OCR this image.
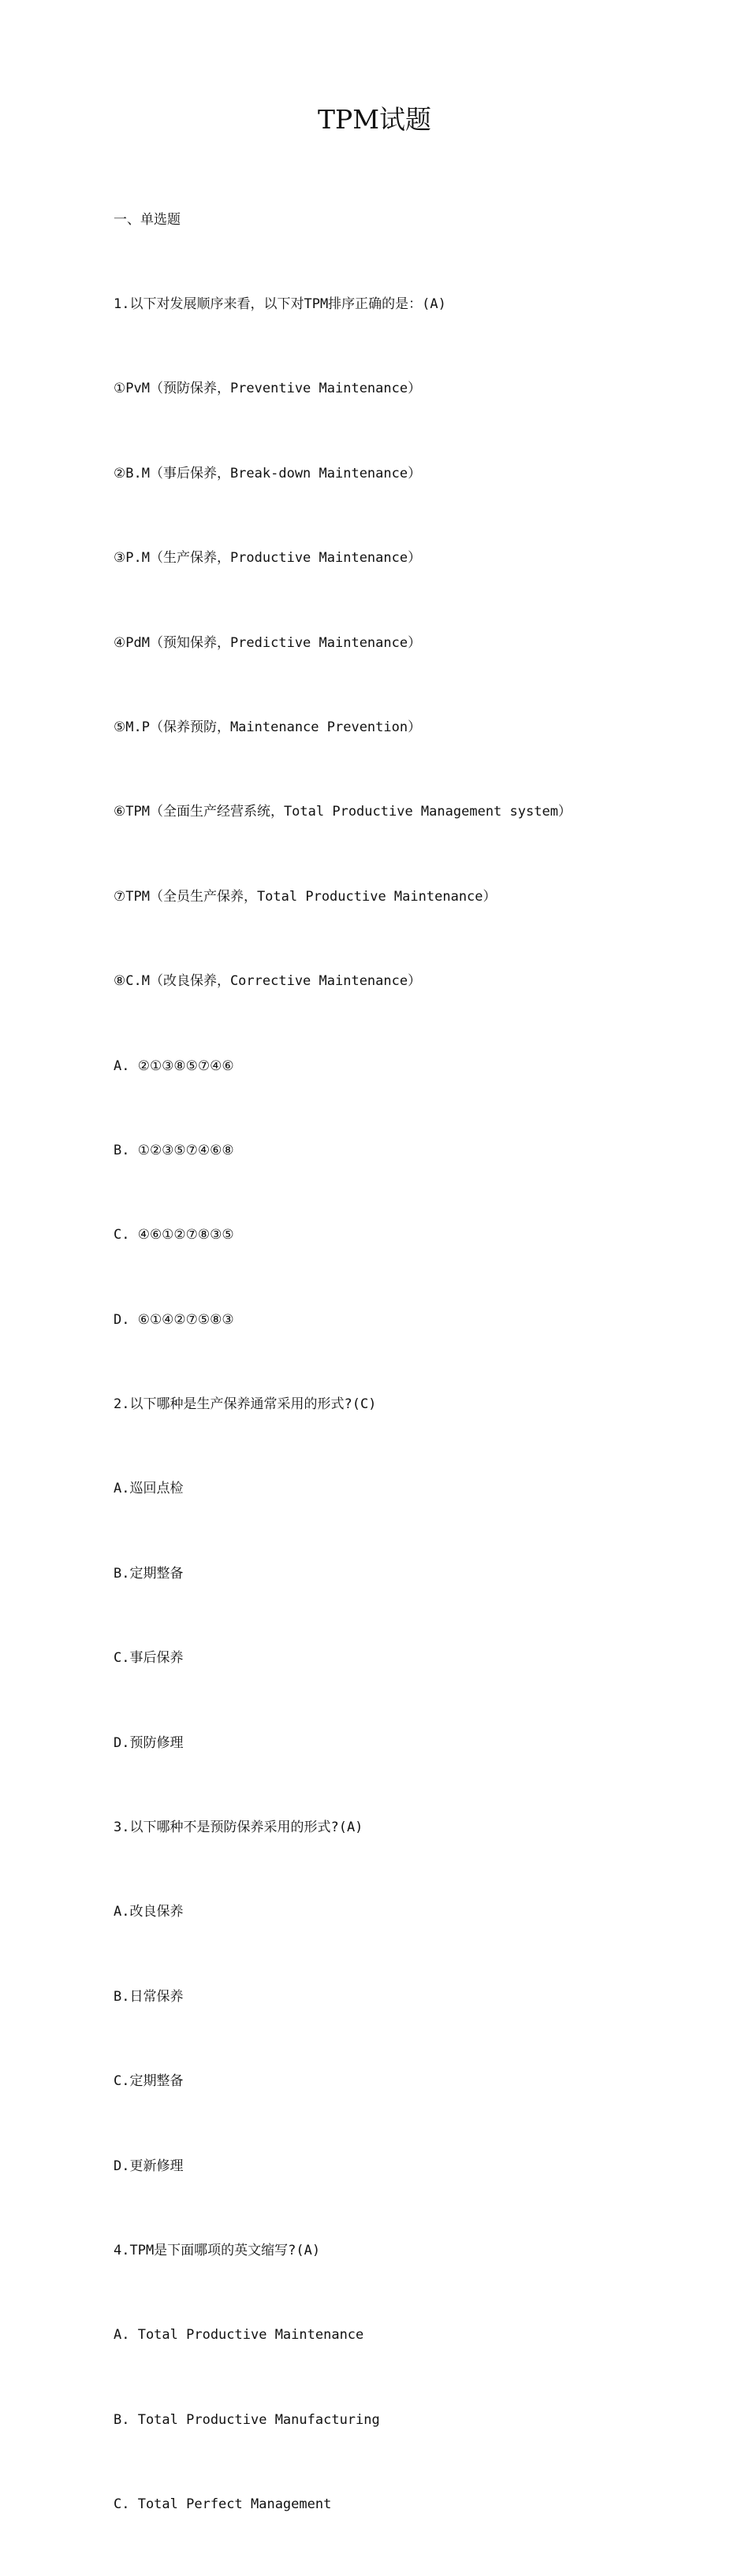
TPM试题

一、单选题

1.以下对发展顺序来看，以下对TPM排序正确的是：(A)

①PvM（预防保养，Preventive Maintenance）

②B.M（事后保养，Break-down Maintenance）

③P.M（生产保养，Productive Maintenance）

④PdM（预知保养，Predictive Maintenance）

⑤M.P（保养预防，Maintenance Prevention）

⑥TPM（全面生产经营系统，Total Productive Management system）

⑦TPM（全员生产保养，Total Productive Maintenance）

⑧C.M（改良保养，Corrective Maintenance）

A. ②①③⑧⑤⑦④⑥

B. ①②③⑤⑦④⑥⑧

C. ④⑥①②⑦⑧③⑤

D. ⑥①④②⑦⑤⑧③

2.以下哪种是生产保养通常采用的形式?(C)

A.巡回点检

B.定期整备

C.事后保养

D.预防修理

3.以下哪种不是预防保养采用的形式?(A)

A.改良保养

B.日常保养

C.定期整备

D.更新修理

4.TPM是下面哪项的英文缩写?(A)

A. Total Productive Maintenance

B. Total Productive Manufacturing

C. Total Perfect Management
